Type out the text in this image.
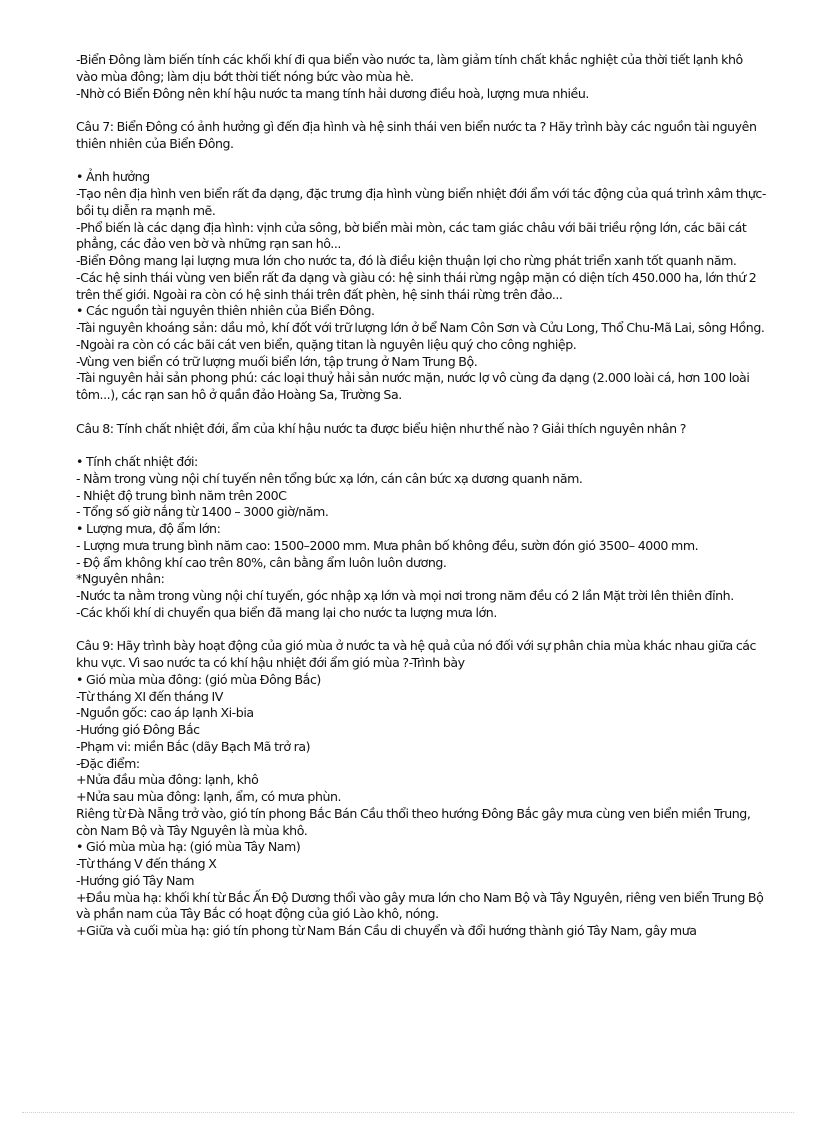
-Biển Đông làm biến tính các khối khí đi qua biển vào nước ta, làm giảm tính chất khắc nghiệt của thời tiết lạnh khô vào mùa đông; làm dịu bớt thời tiết nóng bức vào mùa hè.

-Nhờ có Biển Đông nên khí hậu nước ta mang tính hải dương điều hoà, lượng mưa nhiều.

Câu 7: Biển Đông có ảnh hưởng gì đến địa hình và hệ sinh thái ven biển nước ta ? Hãy trình bày các nguồn tài nguyên thiên nhiên của Biển Đông.

• Ảnh hưởng

-Tạo nên địa hình ven biển rất đa dạng, đặc trưng địa hình vùng biển nhiệt đới ẩm với tác động của quá trình xâm thực-bồi tụ diễn ra mạnh mẽ.

-Phổ biến là các dạng địa hình: vịnh cửa sông, bờ biển mài mòn, các tam giác châu với bãi triều rộng lớn, các bãi cát phẳng, các đảo ven bờ và những rạn san hô...

-Biển Đông mang lại lượng mưa lớn cho nước ta, đó là điều kiện thuận lợi cho rừng phát triển xanh tốt quanh năm.

-Các hệ sinh thái vùng ven biển rất đa dạng và giàu có: hệ sinh thái rừng ngập mặn có diện tích 450.000 ha, lớn thứ 2 trên thế giới. Ngoài ra còn có hệ sinh thái trên đất phèn, hệ sinh thái rừng trên đảo...

• Các nguồn tài nguyên thiên nhiên của Biển Đông.

-Tài nguyên khoáng sản: dầu mỏ, khí đốt với trữ lượng lớn ở bể Nam Côn Sơn và Cửu Long, Thổ Chu-Mã Lai, sông Hồng.

-Ngoài ra còn có các bãi cát ven biển, quặng titan là nguyên liệu quý cho công nghiệp.

-Vùng ven biển có trữ lượng muối biển lớn, tập trung ở Nam Trung Bộ.

-Tài nguyên hải sản phong phú: các loại thuỷ hải sản nước mặn, nước lợ vô cùng đa dạng (2.000 loài cá, hơn 100 loài tôm...), các rạn san hô ở quần đảo Hoàng Sa, Trường Sa.

Câu 8: Tính chất nhiệt đới, ẩm của khí hậu nước ta được biểu hiện như thế nào ? Giải thích nguyên nhân ?

• Tính chất nhiệt đới:

- Nằm trong vùng nội chí tuyến nên tổng bức xạ lớn, cán cân bức xạ dương quanh năm.

- Nhiệt độ trung bình năm trên 200C

- Tổng số giờ nắng từ 1400 – 3000 giờ/năm.

• Lượng mưa, độ ẩm lớn:

- Lượng mưa trung bình năm cao: 1500–2000 mm. Mưa phân bố không đều, sườn đón gió 3500– 4000 mm.

- Độ ẩm không khí cao trên 80%, cân bằng ẩm luôn luôn dương.

*Nguyên nhân:

-Nước ta nằm trong vùng nội chí tuyến, góc nhập xạ lớn và mọi nơi trong năm đều có 2 lần Mặt trời lên thiên đỉnh.

-Các khối khí di chuyển qua biển đã mang lại cho nước ta lượng mưa lớn.

Câu 9: Hãy trình bày hoạt động của gió mùa ở nước ta và hệ quả của nó đối với sự phân chia mùa khác nhau giữa các khu vực. Vì sao nước ta có khí hậu nhiệt đới ẩm gió mùa ?-Trình bày

• Gió mùa mùa đông: (gió mùa Đông Bắc)

-Từ tháng XI đến tháng IV

-Nguồn gốc: cao áp lạnh Xi-bia

-Hướng gió Đông Bắc

-Phạm vi: miền Bắc (dãy Bạch Mã trở ra)

-Đặc điểm:

+Nửa đầu mùa đông: lạnh, khô

+Nửa sau mùa đông: lạnh, ẩm, có mưa phùn.

Riêng từ Đà Nẵng trở vào, gió tín phong Bắc Bán Cầu thổi theo hướng Đông Bắc gây mưa cùng ven biển miền Trung, còn Nam Bộ và Tây Nguyên là mùa khô.

• Gió mùa mùa hạ: (gió mùa Tây Nam)

-Từ tháng V đến tháng X

-Hướng gió Tây Nam

+Đầu mùa hạ: khối khí từ Bắc Ấn Độ Dương thổi vào gây mưa lớn cho Nam Bộ và Tây Nguyên, riêng ven biển Trung Bộ và phần nam của Tây Bắc có hoạt động của gió Lào khô, nóng.

+Giữa và cuối mùa hạ: gió tín phong từ Nam Bán Cầu di chuyển và đổi hướng thành gió Tây Nam, gây mưa
